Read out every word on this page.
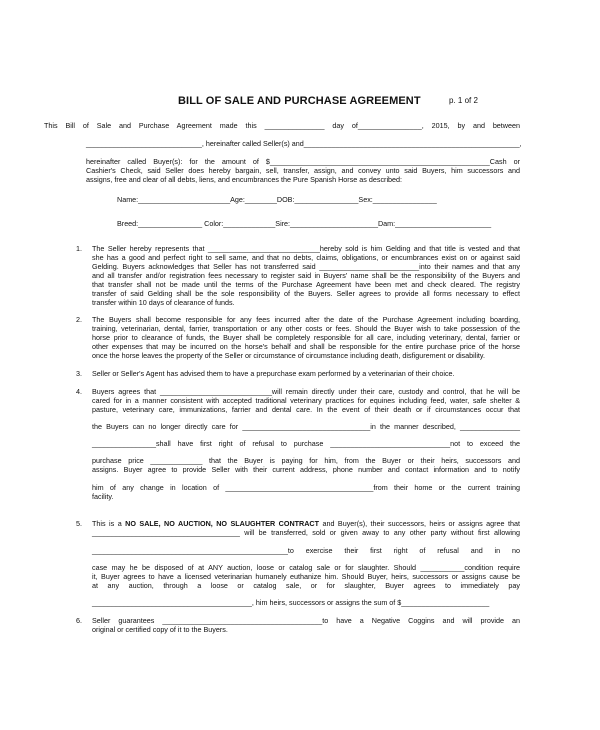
BILL OF SALE AND PURCHASE AGREEMENT	p. 1 of 2
This Bill of Sale and Purchase Agreement made this _______________ day of________________, 2015, by and between
_____________________________, hereinafter called Seller(s) and______________________________________________________,
hereinafter called Buyer(s): for the amount of $_______________________________________________________Cash or
Cashier's Check, said Seller does hereby bargain, sell, transfer, assign, and convey unto said Buyers, him successors and
assigns, free and clear of all debts, liens, and encumbrances the Pure Spanish Horse as described:
Name:_______________________Age:________DOB:________________Sex:________________
Breed:________________ Color:_____________Sire:______________________Dam:________________________
1. The Seller hereby represents that ____________________________hereby sold is him Gelding and that title is vested and that
she has a good and perfect right to sell same, and that no debts, claims, obligations, or encumbrances exist on or against said
Gelding. Buyers acknowledges that Seller has not transferred said _________________________into their names and that any
and all transfer and/or registration fees necessary to register said in Buyers' name shall be the responsibility of the Buyers and
that transfer shall not be made until the terms of the Purchase Agreement have been met and check cleared. The registry
transfer of said Gelding shall be the sole responsibility of the Buyers. Seller agrees to provide all forms necessary to effect
transfer within 10 days of clearance of funds.
2. The Buyers shall become responsible for any fees incurred after the date of the Purchase Agreement including boarding,
training, veterinarian, dental, farrier, transportation or any other costs or fees. Should the Buyer wish to take possession of the
horse prior to clearance of funds, the Buyer shall be completely responsible for all care, including veterinary, dental, farrier or
other expenses that may be incurred on the horse's behalf and shall be responsible for the entire purchase price of the horse
once the horse leaves the property of the Seller or circumstance of circumstance including death, disfigurement or disability.
3. Seller or Seller's Agent has advised them to have a prepurchase exam performed by a veterinarian of their choice.
4. Buyers agrees that ____________________________will remain directly under their care, custody and control, that he will be
cared for in a manner consistent with accepted traditional veterinary practices for equines including feed, water, safe shelter &
pasture, veterinary care, immunizations, farrier and dental care. In the event of their death or if circumstances occur that
the Buyers can no longer directly care for ________________________________in the manner described, _______________
________________shall have first right of refusal to purchase ______________________________not to exceed the
purchase price _____________ that the Buyer is paying for him, from the Buyer or their heirs, successors and
assigns. Buyer agree to provide Seller with their current address, phone number and contact information and to notify
him of any change in location of _____________________________________from their home or the current training
facility.
5. This is a NO SALE, NO AUCTION, NO SLAUGHTER CONTRACT and Buyer(s), their successors, heirs or assigns agree that
_____________________________________ will be transferred, sold or given away to any other party without first allowing
_________________________________________________to exercise their first right of refusal and in no
case may he be disposed of at ANY auction, loose or catalog sale or for slaughter. Should ___________condition require
it, Buyer agrees to have a licensed veterinarian humanely euthanize him. Should Buyer, heirs, successors or assigns cause be
at any auction, through a loose or catalog sale, or for slaughter, Buyer agrees to immediately pay
________________________________________, him heirs, successors or assigns the sum of $______________________
6. Seller guarantees ________________________________________to have a Negative Coggins and will provide an
original or certified copy of it to the Buyers.
